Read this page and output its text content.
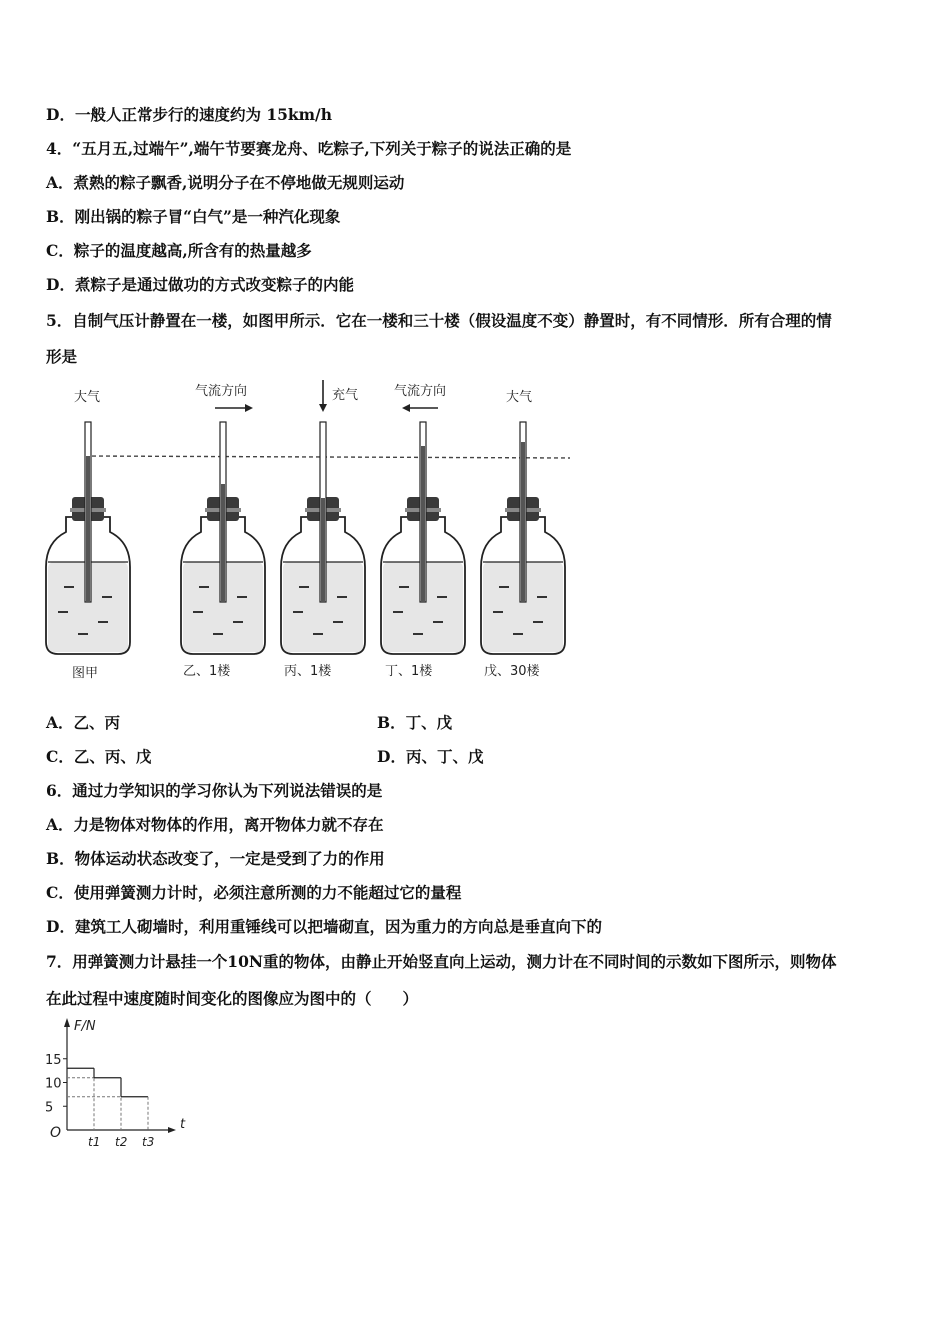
D．一般人正常步行的速度约为 15km/h
4．“五月五,过端午”,端午节要赛龙舟、吃粽子,下列关于粽子的说法正确的是
A．煮熟的粽子飘香,说明分子在不停地做无规则运动
B．刚出锅的粽子冒“白气”是一种汽化现象
C．粽子的温度越高,所含有的热量越多
D．煮粽子是通过做功的方式改变粽子的内能
5．自制气压计静置在一楼，如图甲所示．它在一楼和三十楼（假设温度不变）静置时，有不同情形．所有合理的情
形是
大气	气流方向	充气	气流方向	大气
图甲	乙、1楼	丙、1楼	丁、1楼	戊、30楼
A．乙、丙	B．丁、戊
C．乙、丙、戊	D．丙、丁、戊
6．通过力学知识的学习你认为下列说法错误的是
A．力是物体对物体的作用，离开物体力就不存在
B．物体运动状态改变了，一定是受到了力的作用
C．使用弹簧测力计时，必须注意所测的力不能超过它的量程
D．建筑工人砌墙时，利用重锤线可以把墙砌直，因为重力的方向总是垂直向下的
7．用弹簧测力计悬挂一个10N重的物体，由静止开始竖直向上运动，测力计在不同时间的示数如下图所示，则物体
在此过程中速度随时间变化的图像应为图中的（　　）
F/N
t
O
15
10
5
t1 t2 t3
